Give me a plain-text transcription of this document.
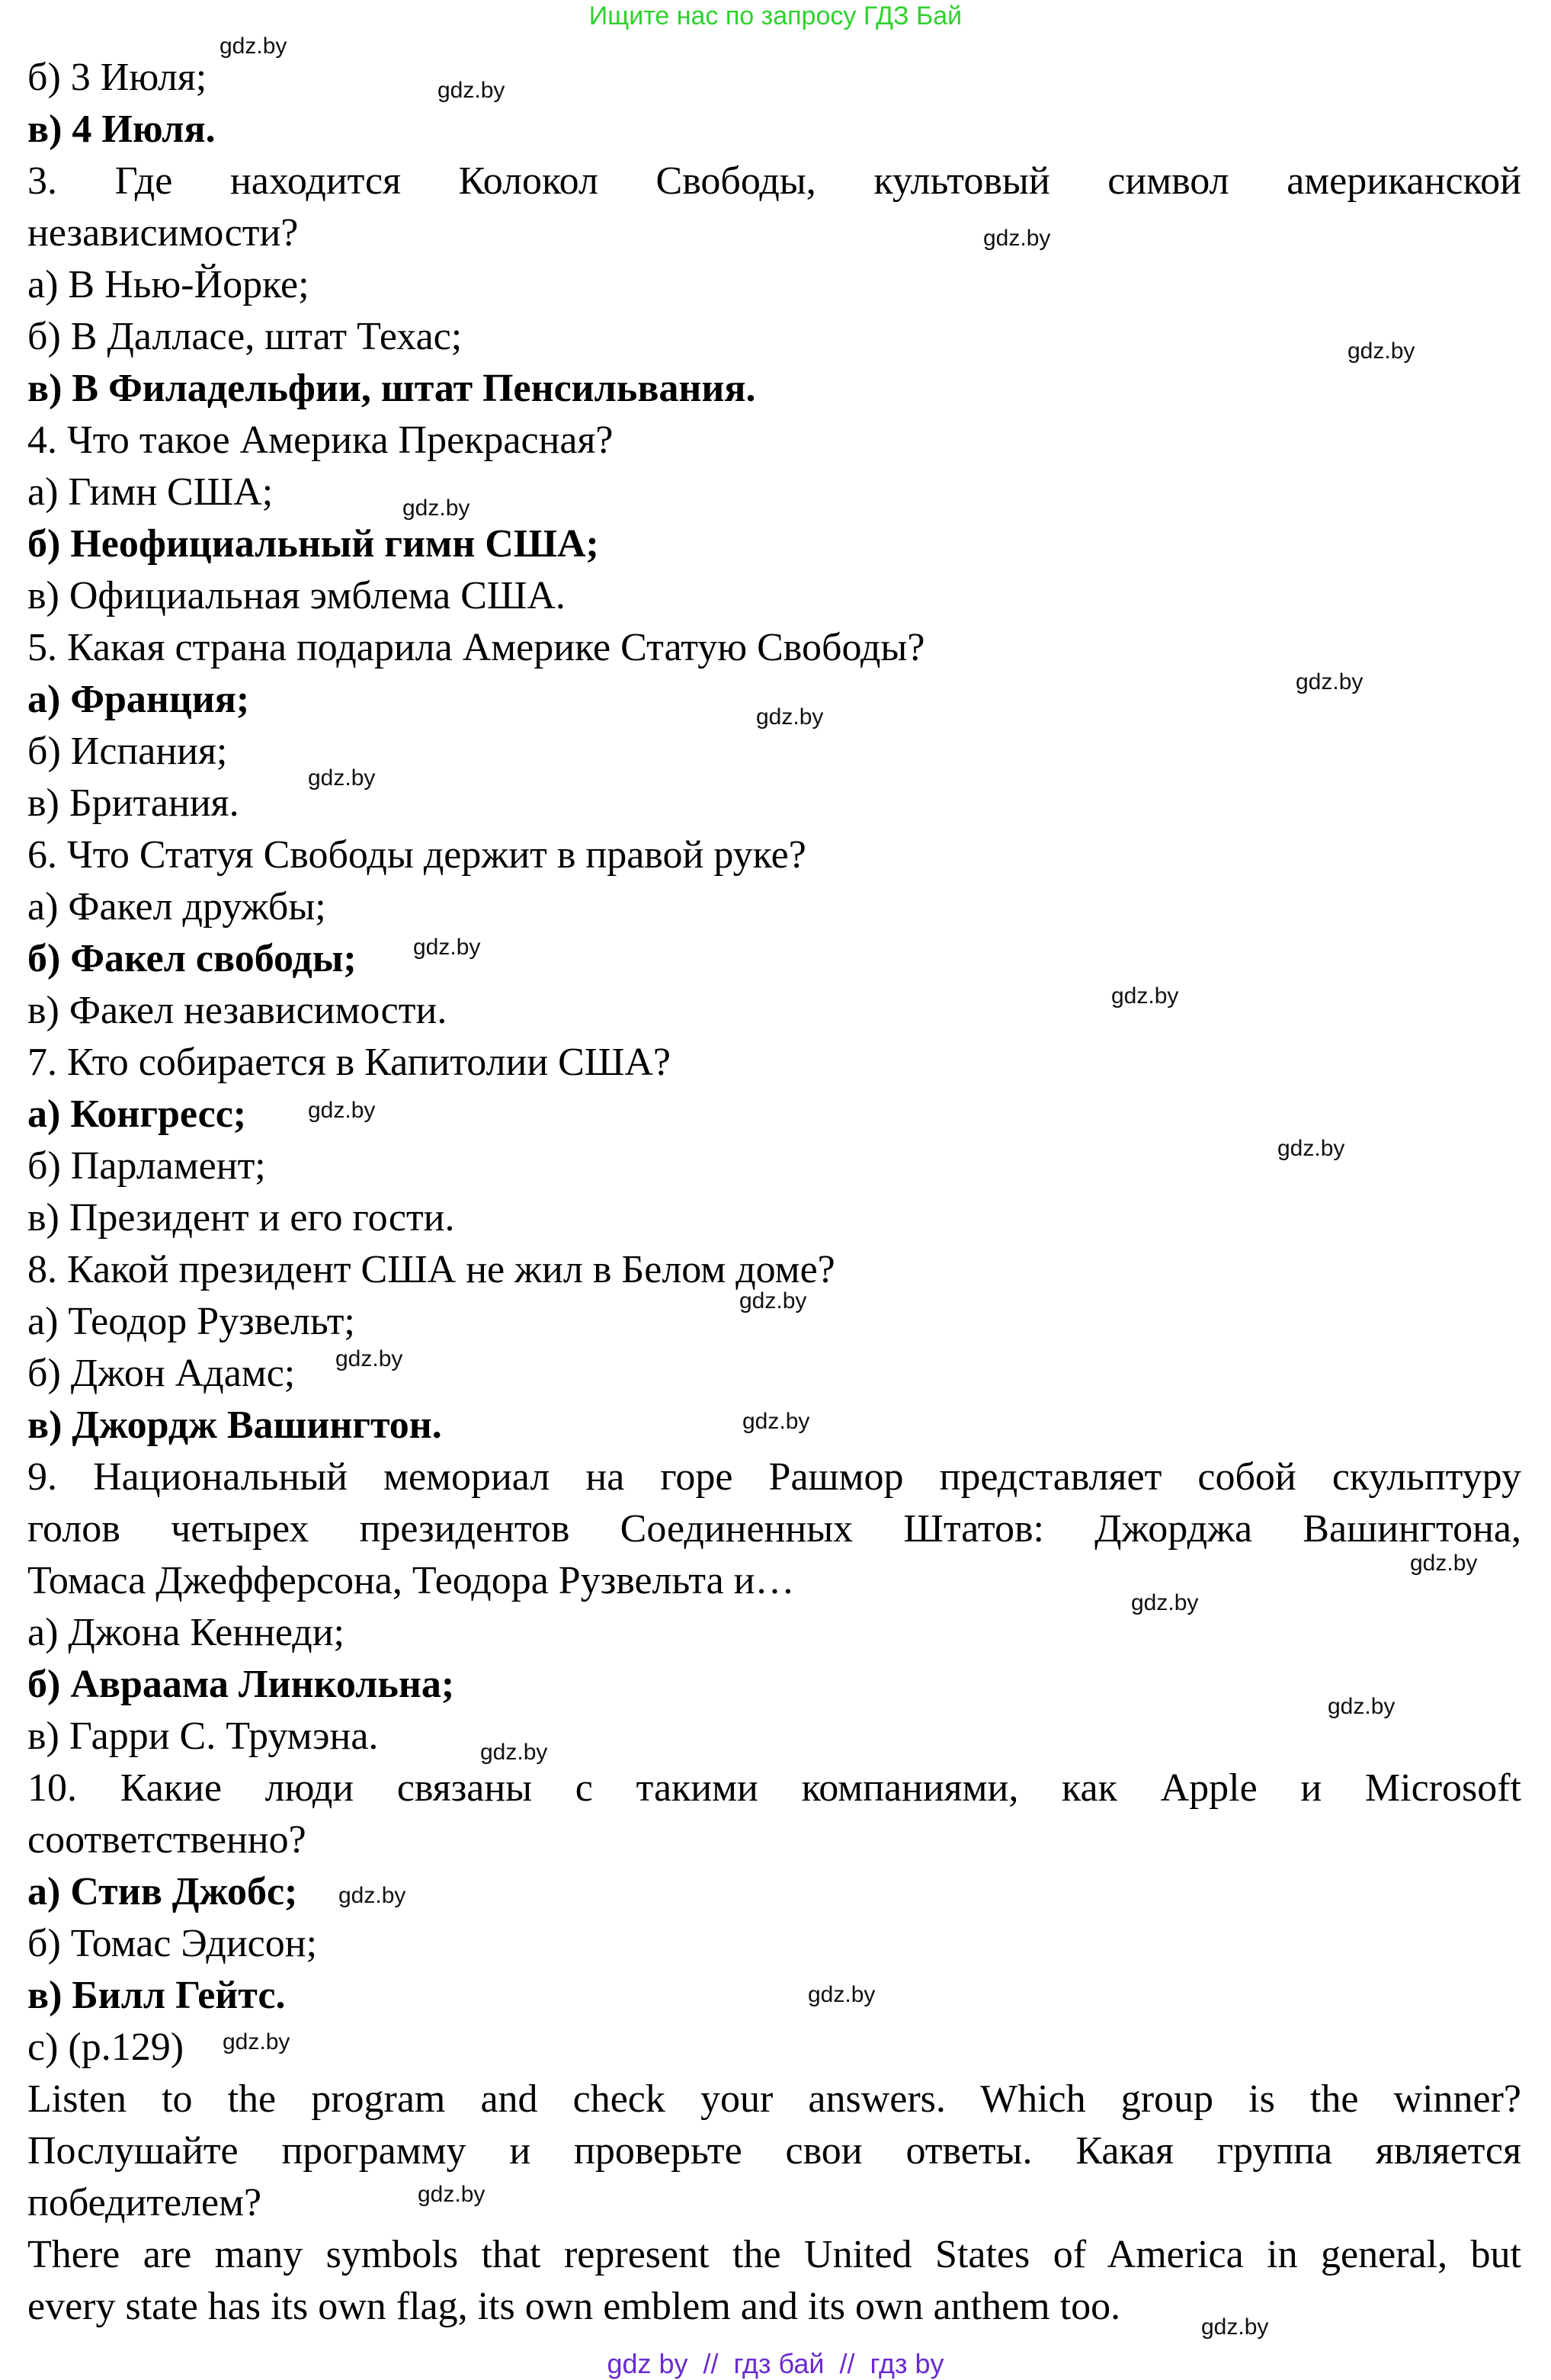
Ищите нас по запросу ГДЗ Бай
б) 3 Июля;
в) 4 Июля.
3. Где находится Колокол Свободы, культовый символ американской
независимости?
а) В Нью-Йорке;
б) В Далласе, штат Техас;
в) В Филадельфии, штат Пенсильвания.
4. Что такое Америка Прекрасная?
а) Гимн США;
б) Неофициальный гимн США;
в) Официальная эмблема США.
5. Какая страна подарила Америке Статую Свободы?
а) Франция;
б) Испания;
в) Британия.
6. Что Статуя Свободы держит в правой руке?
а) Факел дружбы;
б) Факел свободы;
в) Факел независимости.
7. Кто собирается в Капитолии США?
а) Конгресс;
б) Парламент;
в) Президент и его гости.
8. Какой президент США не жил в Белом доме?
а) Теодор Рузвельт;
б) Джон Адамс;
в) Джордж Вашингтон.
9. Национальный мемориал на горе Рашмор представляет собой скульптуру
голов четырех президентов Соединенных Штатов: Джорджа Вашингтона,
Томаса Джефферсона, Теодора Рузвельта и…
а) Джона Кеннеди;
б) Авраама Линкольна;
в) Гарри С. Трумэна.
10. Какие люди связаны с такими компаниями, как Apple и Microsoft
соответственно?
а) Стив Джобс;
б) Томас Эдисон;
в) Билл Гейтс.
с) (р.129)
Listen to the program and check your answers. Which group is the winner?
Послушайте программу и проверьте свои ответы. Какая группа является
победителем?
There are many symbols that represent the United States of America in general, but
every state has its own flag, its own emblem and its own anthem too.
gdz.by
gdz.by
gdz.by
gdz.by
gdz.by
gdz.by
gdz.by
gdz.by
gdz.by
gdz.by
gdz.by
gdz.by
gdz.by
gdz.by
gdz.by
gdz.by
gdz.by
gdz.by
gdz.by
gdz.by
gdz.by
gdz.by
gdz.by
gdz.by
gdz by  //  гдз бай  //  гдз by
